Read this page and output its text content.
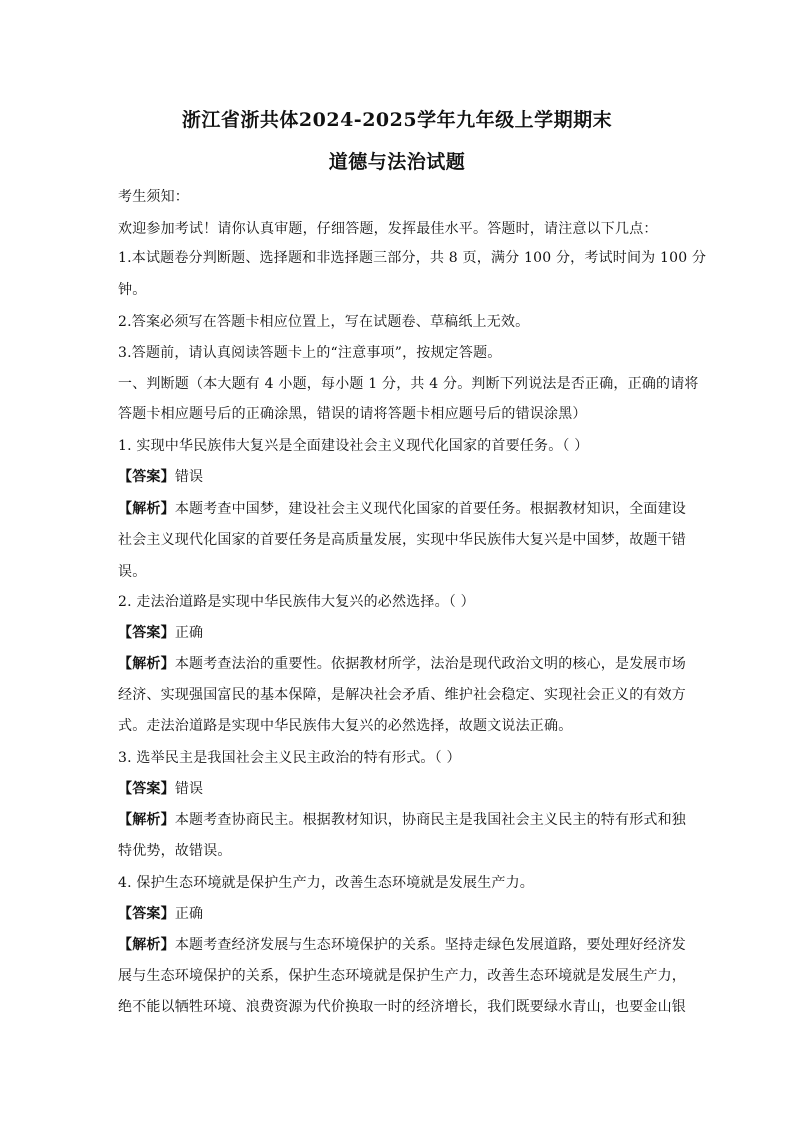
浙江省浙共体2024-2025学年九年级上学期期末
道德与法治试题
考生须知：
欢迎参加考试！请你认真审题，仔细答题，发挥最佳水平。答题时，请注意以下几点：
1.本试题卷分判断题、选择题和非选择题三部分，共 8 页，满分 100 分，考试时间为 100 分
钟。
2.答案必须写在答题卡相应位置上，写在试题卷、草稿纸上无效。
3.答题前，请认真阅读答题卡上的“注意事项”，按规定答题。
一、判断题（本大题有 4 小题，每小题 1 分，共 4 分。判断下列说法是否正确，正确的请将
答题卡相应题号后的正确涂黑，错误的请将答题卡相应题号后的错误涂黑）
1. 实现中华民族伟大复兴是全面建设社会主义现代化国家的首要任务。（ ）
【答案】错误
【解析】本题考查中国梦，建设社会主义现代化国家的首要任务。根据教材知识，全面建设
社会主义现代化国家的首要任务是高质量发展，实现中华民族伟大复兴是中国梦，故题干错
误。
2. 走法治道路是实现中华民族伟大复兴的必然选择。（ ）
【答案】正确
【解析】本题考查法治的重要性。依据教材所学，法治是现代政治文明的核心，是发展市场
经济、实现强国富民的基本保障，是解决社会矛盾、维护社会稳定、实现社会正义的有效方
式。走法治道路是实现中华民族伟大复兴的必然选择，故题文说法正确。
3. 选举民主是我国社会主义民主政治的特有形式。（ ）
【答案】错误
【解析】本题考查协商民主。根据教材知识，协商民主是我国社会主义民主的特有形式和独
特优势，故错误。
4. 保护生态环境就是保护生产力，改善生态环境就是发展生产力。
【答案】正确
【解析】本题考查经济发展与生态环境保护的关系。坚持走绿色发展道路，要处理好经济发
展与生态环境保护的关系，保护生态环境就是保护生产力，改善生态环境就是发展生产力，
绝不能以牺牲环境、浪费资源为代价换取一时的经济增长，我们既要绿水青山，也要金山银
